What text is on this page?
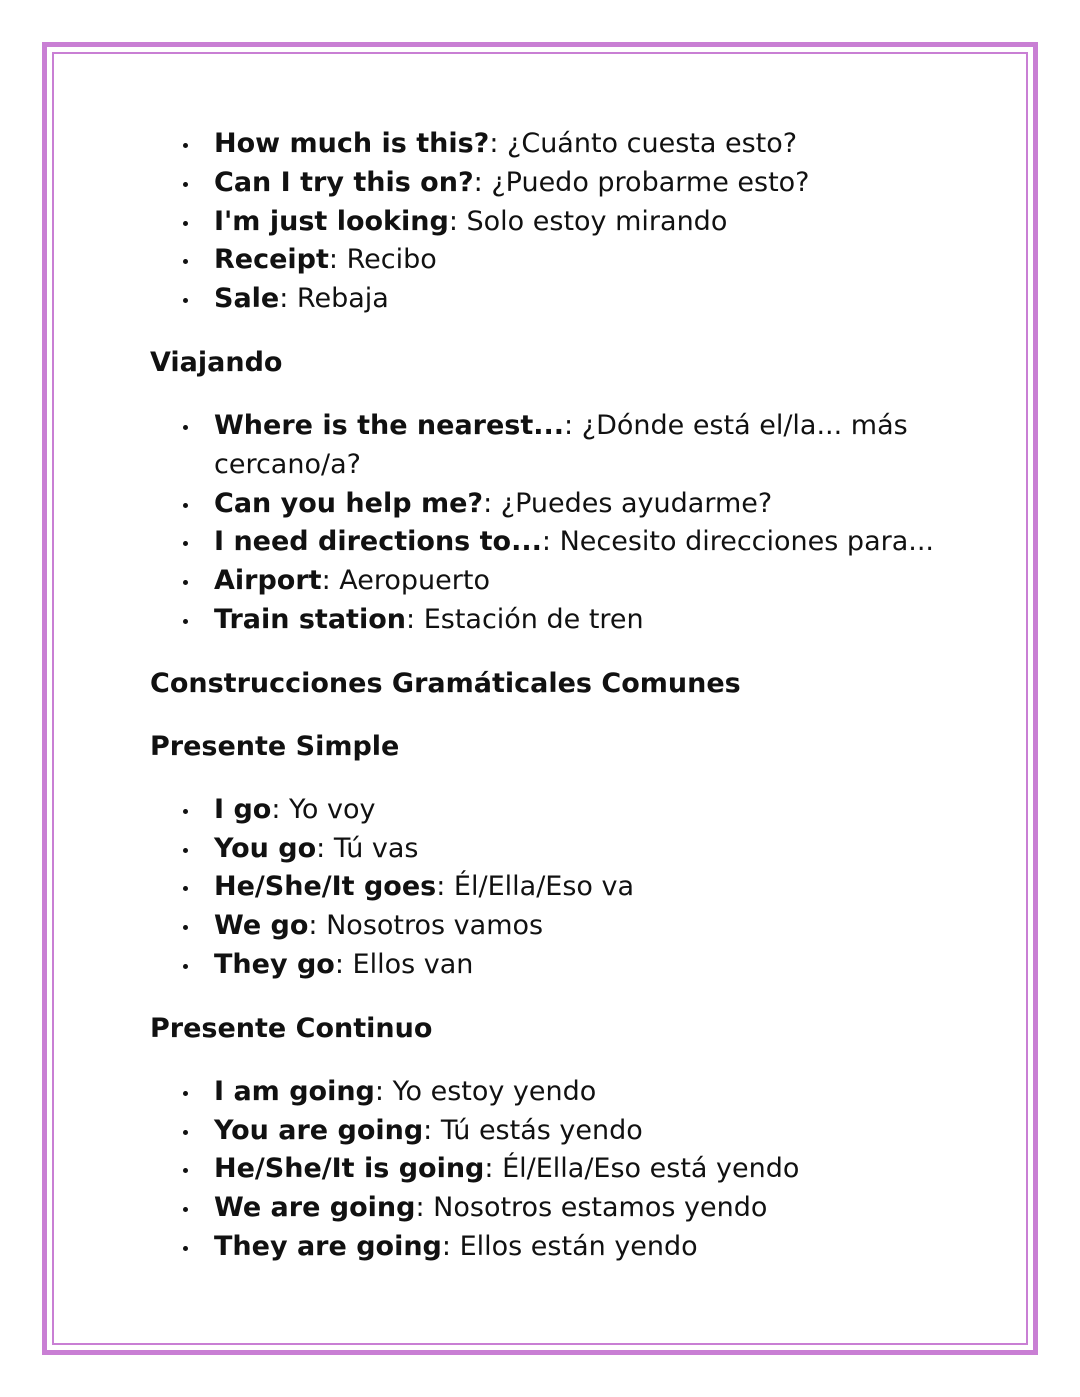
How much is this?: ¿Cuánto cuesta esto?
Can I try this on?: ¿Puedo probarme esto?
I'm just looking: Solo estoy mirando
Receipt: Recibo
Sale: Rebaja
Viajando
Where is the nearest...: ¿Dónde está el/la... más cercano/a?
Can you help me?: ¿Puedes ayudarme?
I need directions to...: Necesito direcciones para...
Airport: Aeropuerto
Train station: Estación de tren
Construcciones Gramáticales Comunes
Presente Simple
I go: Yo voy
You go: Tú vas
He/She/It goes: Él/Ella/Eso va
We go: Nosotros vamos
They go: Ellos van
Presente Continuo
I am going: Yo estoy yendo
You are going: Tú estás yendo
He/She/It is going: Él/Ella/Eso está yendo
We are going: Nosotros estamos yendo
They are going: Ellos están yendo
